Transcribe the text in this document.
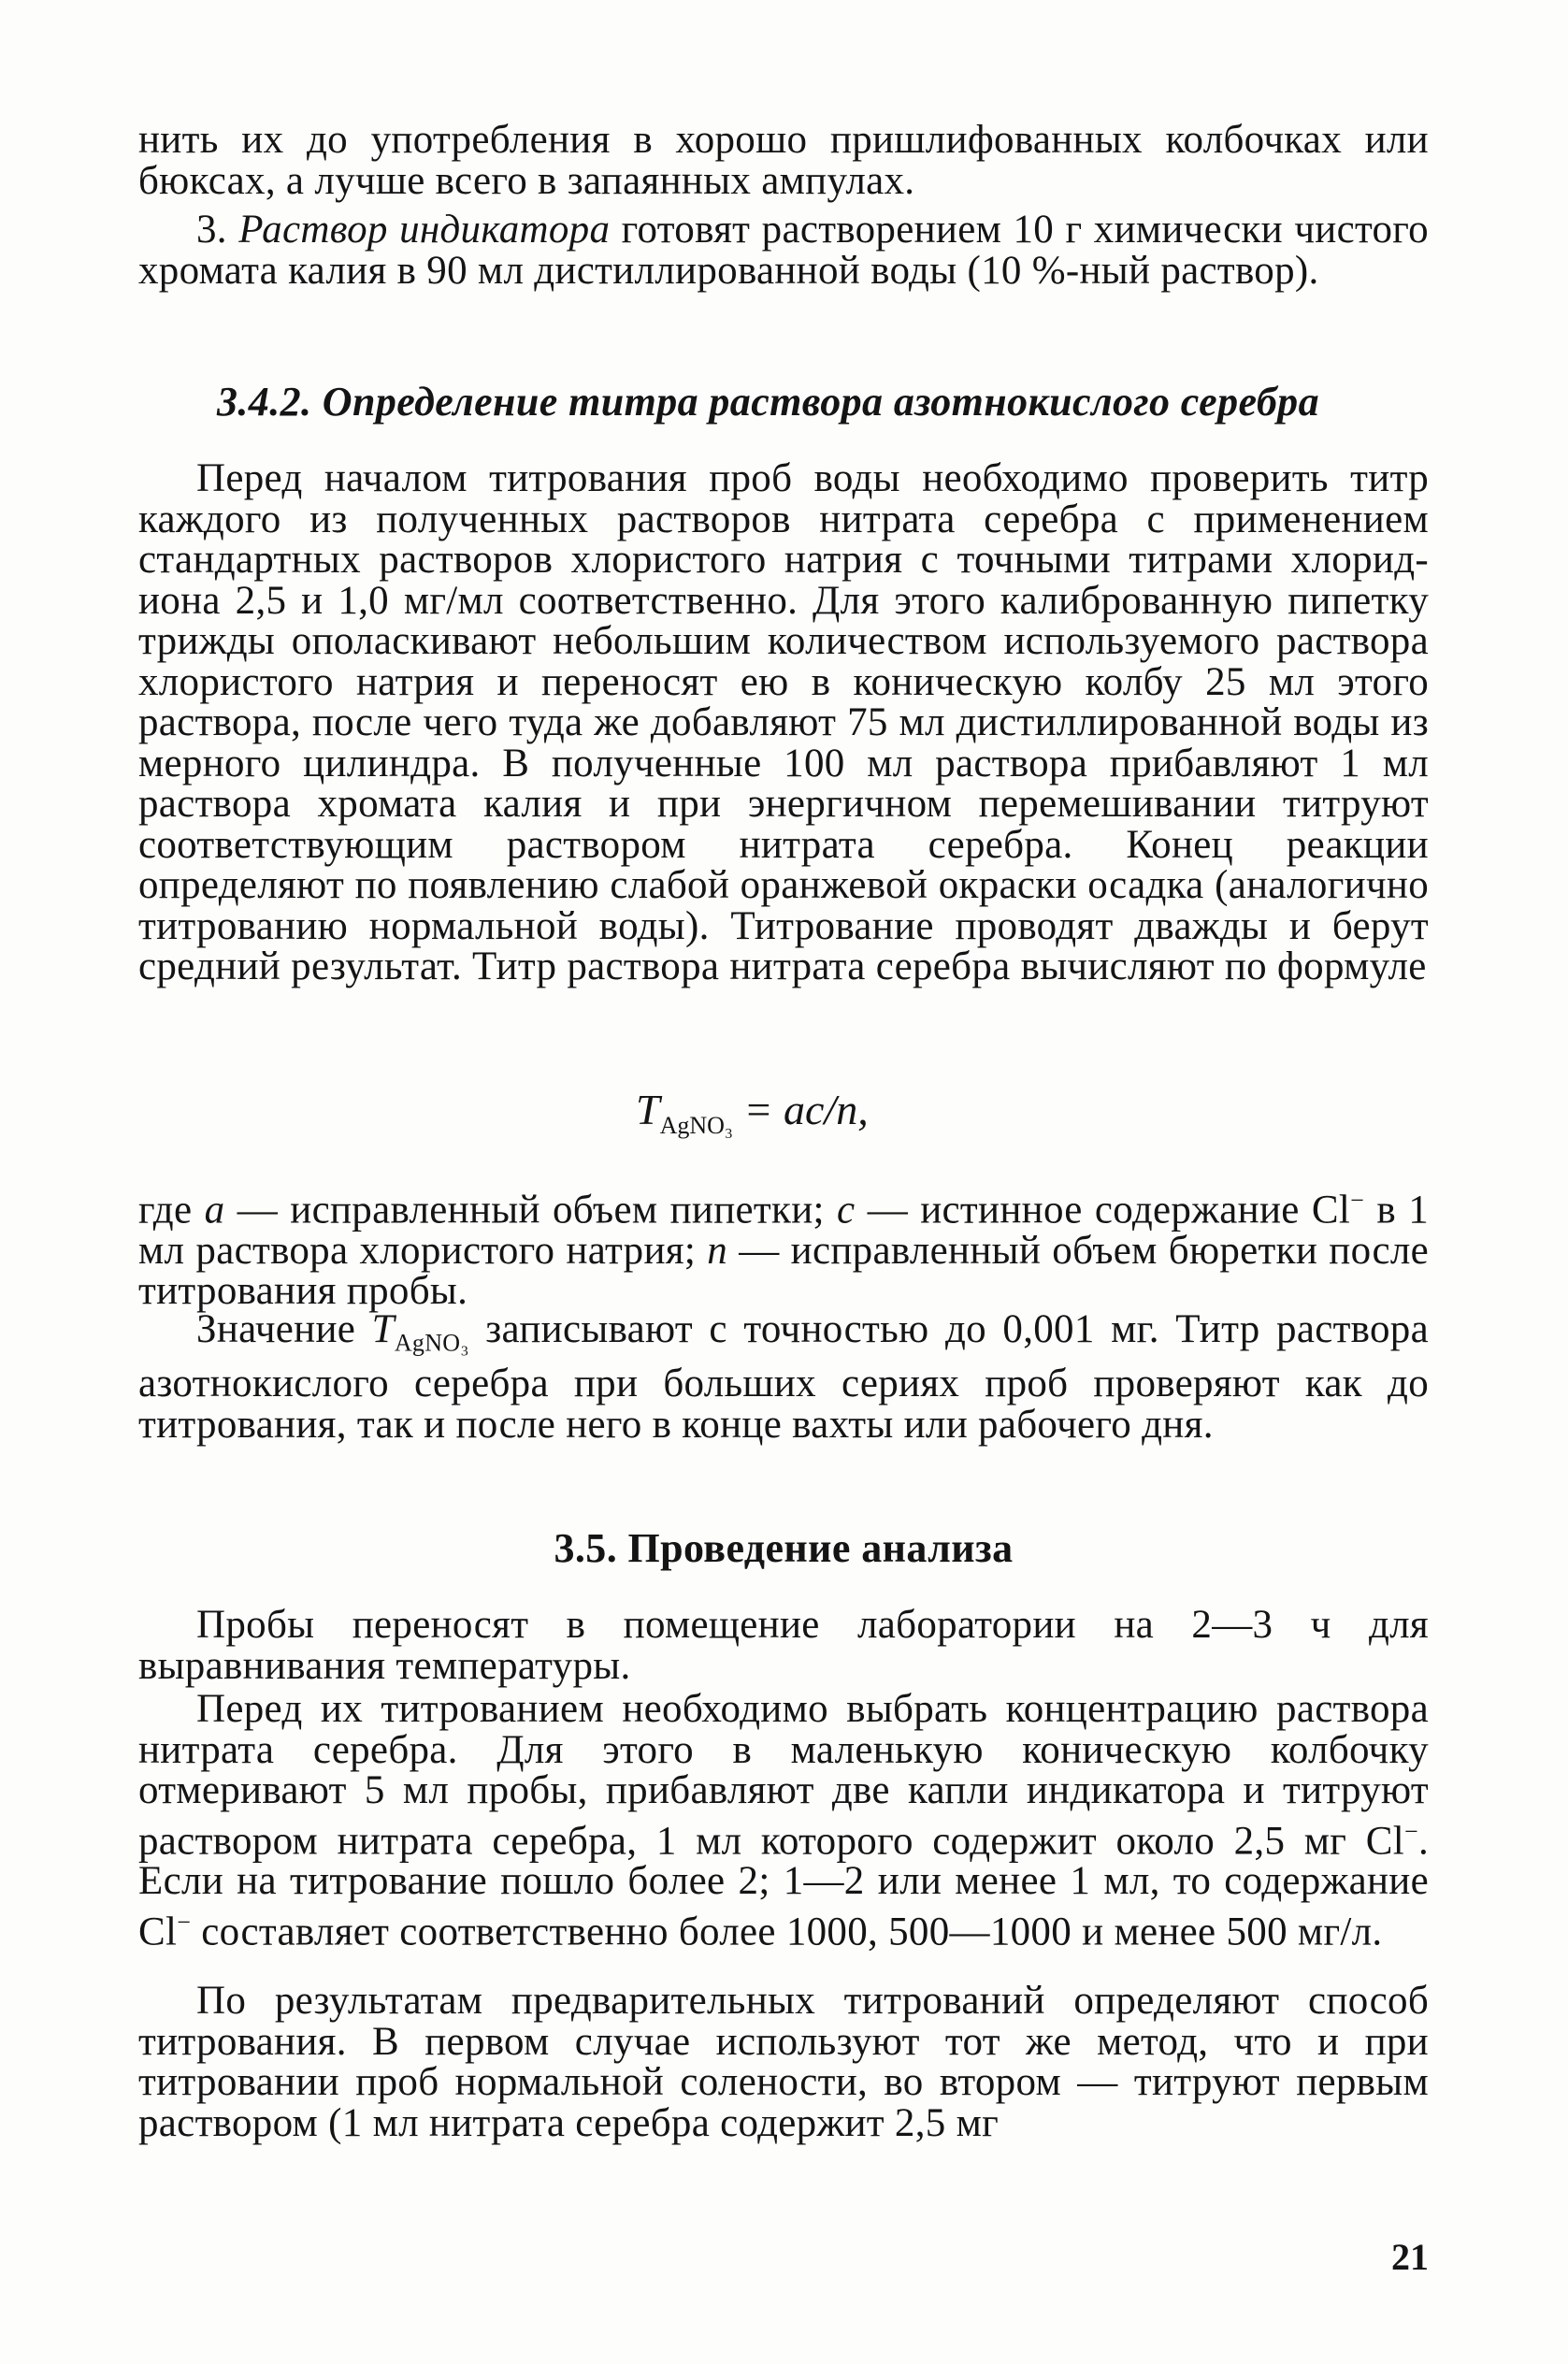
нить их до употребления в хорошо пришлифованных колбочках или бюксах, а лучше всего в запаянных ампулах.

3. Раствор индикатора готовят растворением 10 г химически чистого хромата калия в 90 мл дистиллированной воды (10 %-ный раствор).

3.4.2. Определение титра раствора азотнокислого серебра

Перед началом титрования проб воды необходимо проверить титр каждого из полученных растворов нитрата серебра с применением стандартных растворов хлористого натрия с точными титрами хлорид-иона 2,5 и 1,0 мг/мл соответственно. Для этого калиброванную пипетку трижды ополаскивают небольшим количеством используемого раствора хлористого натрия и переносят ею в коническую колбу 25 мл этого раствора, после чего туда же добавляют 75 мл дистиллированной воды из мерного цилиндра. В полученные 100 мл раствора прибавляют 1 мл раствора хромата калия и при энергичном перемешивании титруют соответствующим раствором нитрата серебра. Конец реакции определяют по появлению слабой оранжевой окраски осадка (аналогично титрованию нормальной воды). Титрование проводят дважды и берут средний результат. Титр раствора нитрата серебра вычисляют по формуле

$T_{AgNO_3} = ac/n$,

где a — исправленный объем пипетки; c — истинное содержание Cl− в 1 мл раствора хлористого натрия; n — исправленный объем бюретки после титрования пробы.

Значение $T_{AgNO_3}$ записывают с точностью до 0,001 мг. Титр раствора азотнокислого серебра при больших сериях проб проверяют как до титрования, так и после него в конце вахты или рабочего дня.

3.5. Проведение анализа

Пробы переносят в помещение лаборатории на 2—3 ч для выравнивания температуры.

Перед их титрованием необходимо выбрать концентрацию раствора нитрата серебра. Для этого в маленькую коническую колбочку отмеривают 5 мл пробы, прибавляют две капли индикатора и титруют раствором нитрата серебра, 1 мл которого содержит около 2,5 мг Cl−. Если на титрование пошло более 2; 1—2 или менее 1 мл, то содержание Cl− составляет соответственно более 1000, 500—1000 и менее 500 мг/л.

По результатам предварительных титрований определяют способ титрования. В первом случае используют тот же метод, что и при титровании проб нормальной солености, во втором — титруют первым раствором (1 мл нитрата серебра содержит 2,5 мг

21
